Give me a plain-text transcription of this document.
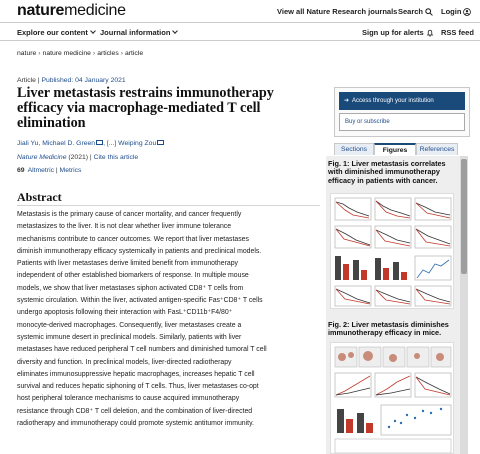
naturemedicine	View all Nature Research journals Search	Login
Explore our content	Journal information	Sign up for alerts	RSS feed
nature › nature medicine › articles › article
Article | Published: 04 January 2021
Liver metastasis restrains immunotherapy efficacy via macrophage-mediated T cell elimination
Jiali Yu, Michael D. Green , [...] Weiping Zou
Nature Medicine (2021) | Cite this article
69 Altmetric | Metrics
Abstract
Metastasis is the primary cause of cancer mortality, and cancer frequently
metastasizes to the liver. It is not clear whether liver immune tolerance
mechanisms contribute to cancer outcomes. We report that liver metastases
diminish immunotherapy efficacy systemically in patients and preclinical models.
Patients with liver metastases derive limited benefit from immunotherapy
independent of other established biomarkers of response. In multiple mouse
models, we show that liver metastases siphon activated CD8⁺ T cells from
systemic circulation. Within the liver, activated antigen-specific Fas⁺CD8⁺ T cells
undergo apoptosis following their interaction with FasL⁺CD11b⁺F4/80⁺
monocyte-derived macrophages. Consequently, liver metastases create a
systemic immune desert in preclinical models. Similarly, patients with liver
metastases have reduced peripheral T cell numbers and diminished tumoral T cell
diversity and function. In preclinical models, liver-directed radiotherapy
eliminates immunosuppressive hepatic macrophages, increases hepatic T cell
survival and reduces hepatic siphoning of T cells. Thus, liver metastases co-opt
host peripheral tolerance mechanisms to cause acquired immunotherapy
resistance through CD8⁺ T cell deletion, and the combination of liver-directed
radiotherapy and immunotherapy could promote systemic antitumor immunity.
➜ Access through your institution
Buy or subscribe
Sections	Figures	References
Fig. 1: Liver metastasis correlates with diminished immunotherapy efficacy in patients with cancer.
Fig. 2: Liver metastasis diminishes immunotherapy efficacy in mice.
